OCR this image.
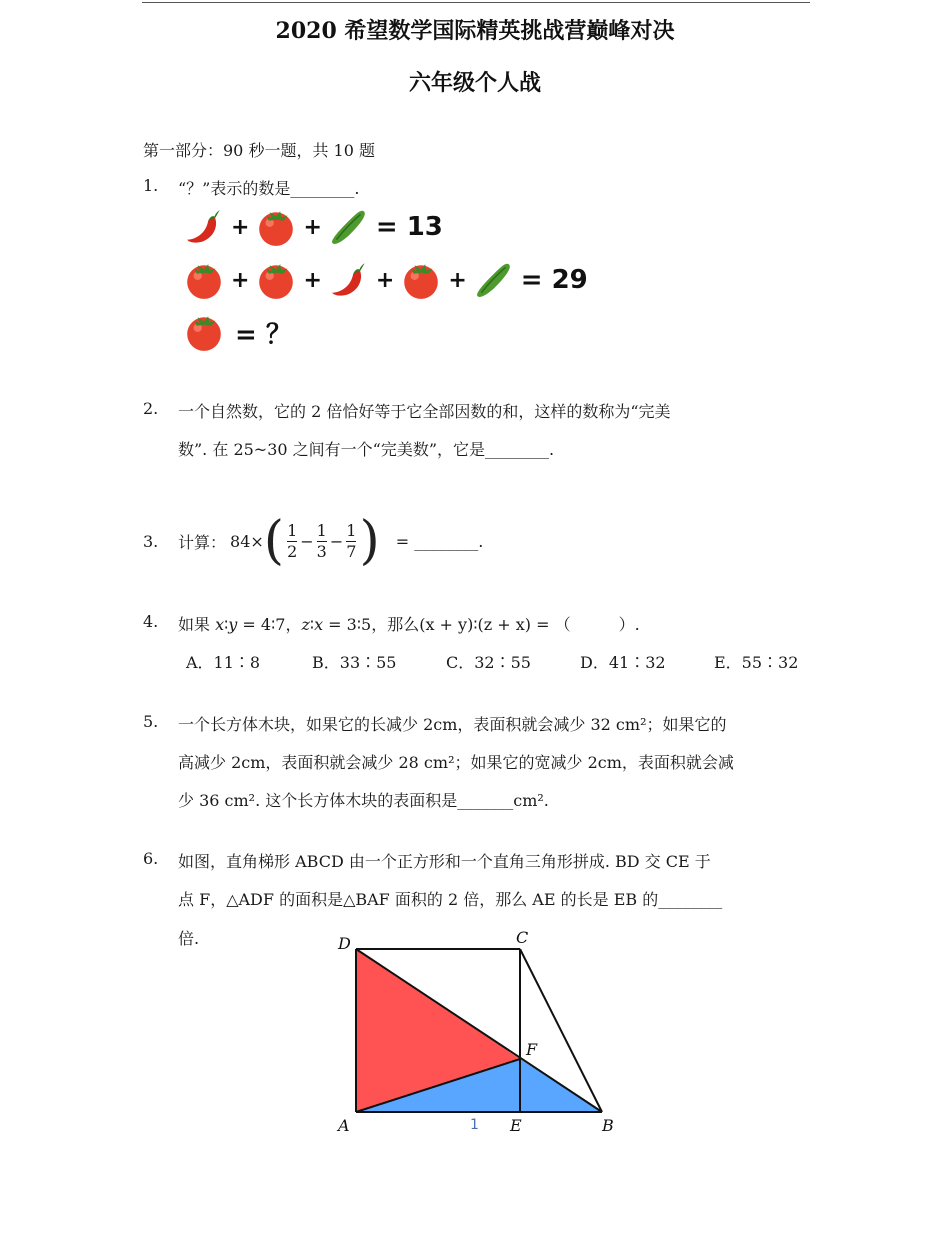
2020 希望数学国际精英挑战营巅峰对决
六年级个人战
第一部分：90 秒一题，共 10 题
1. “？”表示的数是________.
+ + = 13
+ + + + = 29
= ？
2. 一个自然数，它的 2 倍恰好等于它全部因数的和，这样的数称为“完美
数”. 在 25~30 之间有一个“完美数”，它是________.
3. 计算： 84× ( $\frac{1}{2} - \frac{1}{3} - \frac{1}{7}$ ) = ________.
4. 如果 x∶y = 4∶7，z∶x = 3∶5，那么(x + y)∶(z + x) = （　　　）.
A．11∶8	B．33∶55	C．32∶55	D．41∶32	E．55∶32
5. 一个长方体木块，如果它的长减少 2cm，表面积就会减少 32 cm²；如果它的
高减少 2cm，表面积就会减少 28 cm²；如果它的宽减少 2cm，表面积就会减
少 36 cm². 这个长方体木块的表面积是_______cm².
6. 如图，直角梯形 ABCD 由一个正方形和一个直角三角形拼成. BD 交 CE 于
点 F，△ADF 的面积是△BAF 面积的 2 倍，那么 AE 的长是 EB 的________
倍.	D	C
F
A	1 E	B
